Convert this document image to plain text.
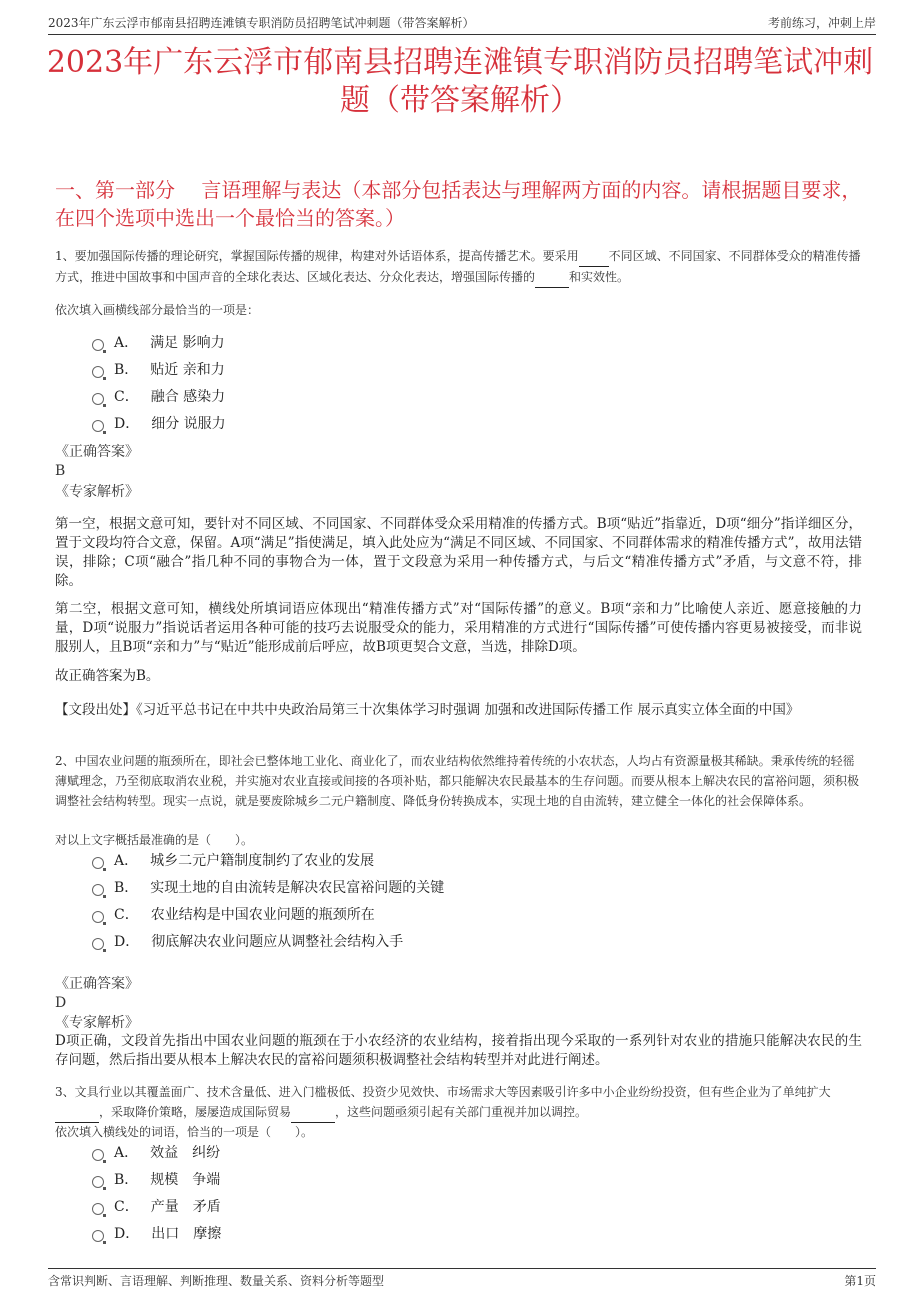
2023年广东云浮市郁南县招聘连滩镇专职消防员招聘笔试冲刺题（带答案解析）	考前练习，冲刺上岸
2023年广东云浮市郁南县招聘连滩镇专职消防员招聘笔试冲刺
题（带答案解析）
一、第一部分　 言语理解与表达（本部分包括表达与理解两方面的内容。请根据题目要求，在四个选项中选出一个最恰当的答案。）
1、要加强国际传播的理论研究，掌握国际传播的规律，构建对外话语体系，提高传播艺术。要采用	不同区域、不同国家、不同群体受众的精准传播方式，推进中国故事和中国声音的全球化表达、区域化表达、分众化表达，增强国际传播的	和实效性。
依次填入画横线部分最恰当的一项是：
A． 满足 影响力
B． 贴近 亲和力
C． 融合 感染力
D． 细分 说服力
《正确答案》
B
《专家解析》
第一空，根据文意可知，要针对不同区域、不同国家、不同群体受众采用精准的传播方式。B项“贴近”指靠近，D项“细分”指详细区分，置于文段均符合文意，保留。A项“满足”指使满足，填入此处应为“满足不同区域、不同国家、不同群体需求的精准传播方式”，故用法错误，排除；C项“融合”指几种不同的事物合为一体，置于文段意为采用一种传播方式，与后文“精准传播方式”矛盾，与文意不符，排除。
第二空，根据文意可知，横线处所填词语应体现出“精准传播方式”对“国际传播”的意义。B项“亲和力”比喻使人亲近、愿意接触的力量，D项“说服力”指说话者运用各种可能的技巧去说服受众的能力，采用精准的方式进行“国际传播”可使传播内容更易被接受，而非说服别人，且B项“亲和力”与“贴近”能形成前后呼应，故B项更契合文意，当选，排除D项。
故正确答案为B。
【文段出处】《习近平总书记在中共中央政治局第三十次集体学习时强调 加强和改进国际传播工作 展示真实立体全面的中国》
2、中国农业问题的瓶颈所在，即社会已整体地工业化、商业化了，而农业结构依然维持着传统的小农状态，人均占有资源量极其稀缺。秉承传统的轻徭薄赋理念，乃至彻底取消农业税，并实施对农业直接或间接的各项补贴，都只能解决农民最基本的生存问题。而要从根本上解决农民的富裕问题，须积极调整社会结构转型。现实一点说，就是要废除城乡二元户籍制度、降低身份转换成本，实现土地的自由流转，建立健全一体化的社会保障体系。
对以上文字概括最准确的是（　　）。
A． 城乡二元户籍制度制约了农业的发展
B． 实现土地的自由流转是解决农民富裕问题的关键
C． 农业结构是中国农业问题的瓶颈所在
D． 彻底解决农业问题应从调整社会结构入手
《正确答案》
D
《专家解析》
D项正确，文段首先指出中国农业问题的瓶颈在于小农经济的农业结构，接着指出现今采取的一系列针对农业的措施只能解决农民的生存问题，然后指出要从根本上解决农民的富裕问题须积极调整社会结构转型并对此进行阐述。
3、文具行业以其覆盖面广、技术含量低、进入门槛极低、投资少见效快、市场需求大等因素吸引许多中小企业纷纷投资，但有些企业为了单纯扩大 ，采取降价策略，屡屡造成国际贸易	，这些问题亟须引起有关部门重视并加以调控。
依次填入横线处的词语，恰当的一项是（　　）。
A． 效益　纠纷
B． 规模　争端
C． 产量　矛盾
D． 出口　摩擦
含常识判断、言语理解、判断推理、数量关系、资料分析等题型	第1页
